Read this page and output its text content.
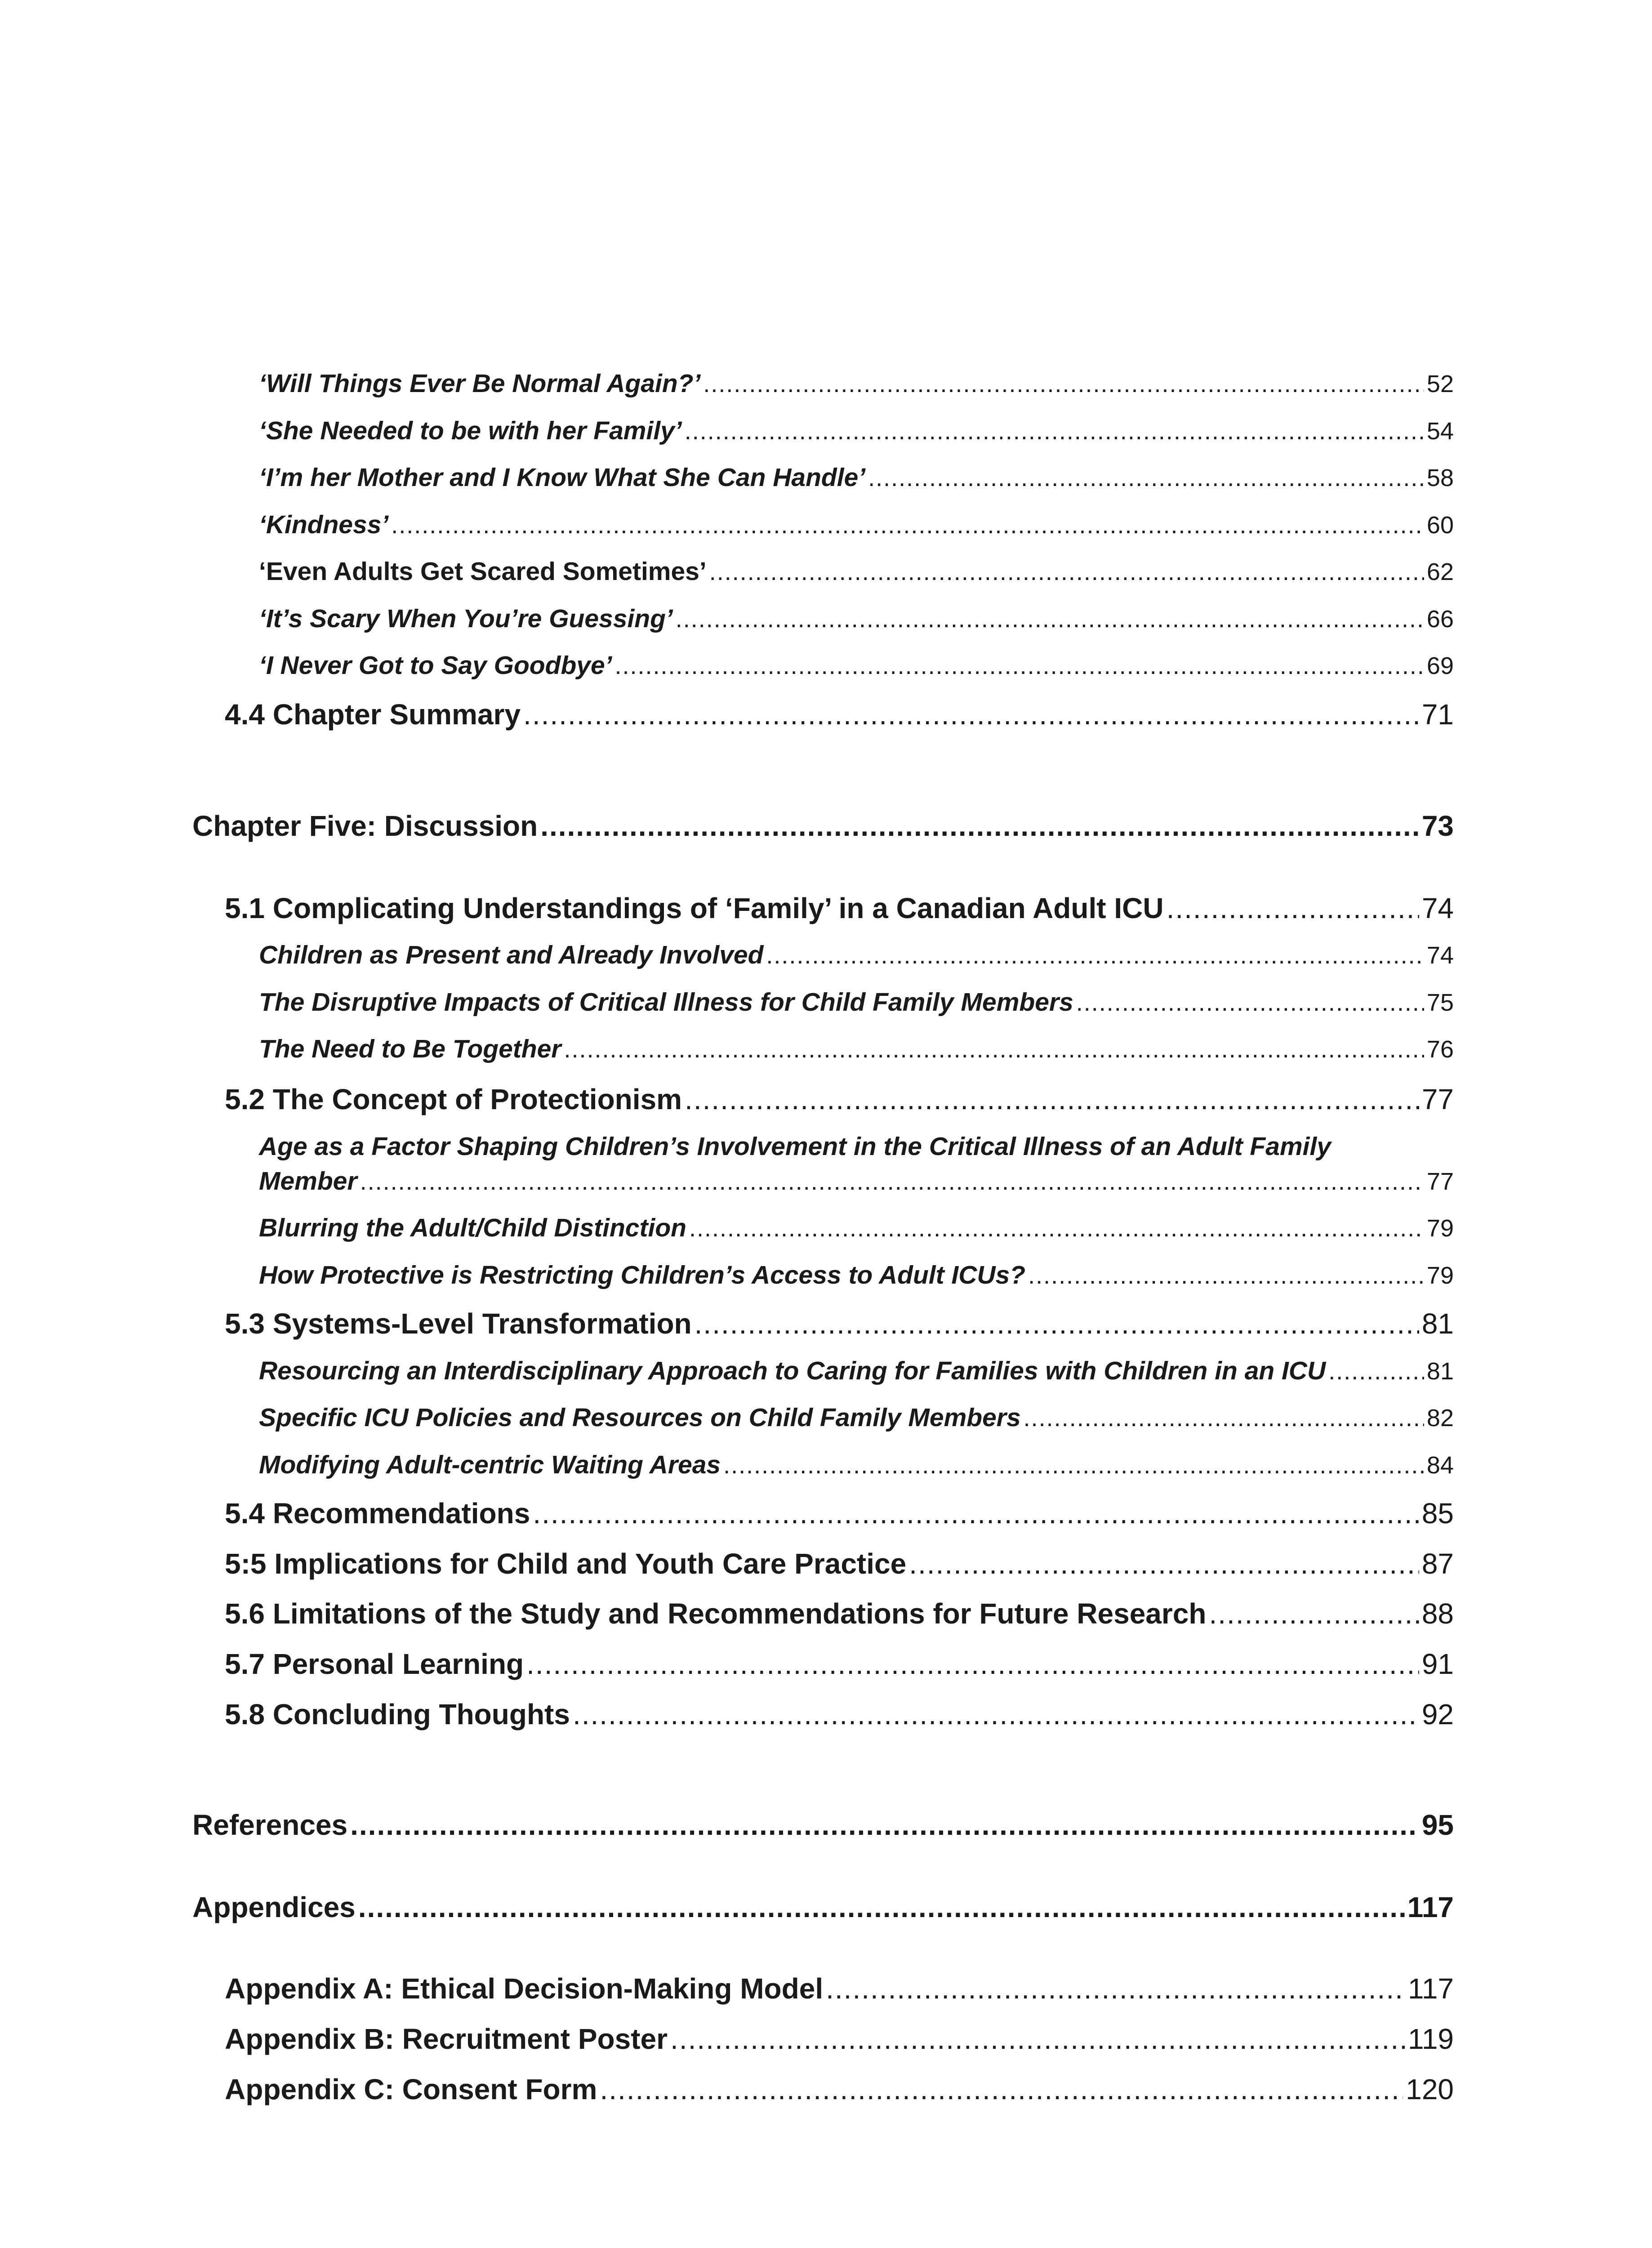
‘Will Things Ever Be Normal Again?’ .....	52
‘She Needed to be with her Family’ .....	54
‘I’m her Mother and I Know What She Can Handle’ .....	58
‘Kindness’ .....	60
‘Even Adults Get Scared Sometimes’ .....	62
‘It’s Scary When You’re Guessing’ .....	66
‘I Never Got to Say Goodbye’ .....	69
4.4 Chapter Summary .....	71
Chapter Five: Discussion .....	73
5.1 Complicating Understandings of ‘Family’ in a Canadian Adult ICU .....	74
Children as Present and Already Involved .....	74
The Disruptive Impacts of Critical Illness for Child Family Members .....	75
The Need to Be Together .....	76
5.2 The Concept of Protectionism .....	77
Age as a Factor Shaping Children’s Involvement in the Critical Illness of an Adult Family
Member .....	77
Blurring the Adult/Child Distinction .....	79
How Protective is Restricting Children’s Access to Adult ICUs? .....	79
5.3 Systems-Level Transformation .....	81
Resourcing an Interdisciplinary Approach to Caring for Families with Children in an ICU .....	81
Specific ICU Policies and Resources on Child Family Members .....	82
Modifying Adult-centric Waiting Areas .....	84
5.4 Recommendations .....	85
5:5 Implications for Child and Youth Care Practice .....	87
5.6 Limitations of the Study and Recommendations for Future Research .....	88
5.7 Personal Learning .....	91
5.8 Concluding Thoughts .....	92
References .....	95
Appendices .....	117
Appendix A: Ethical Decision-Making Model .....	117
Appendix B: Recruitment Poster .....	119
Appendix C: Consent Form .....	120
